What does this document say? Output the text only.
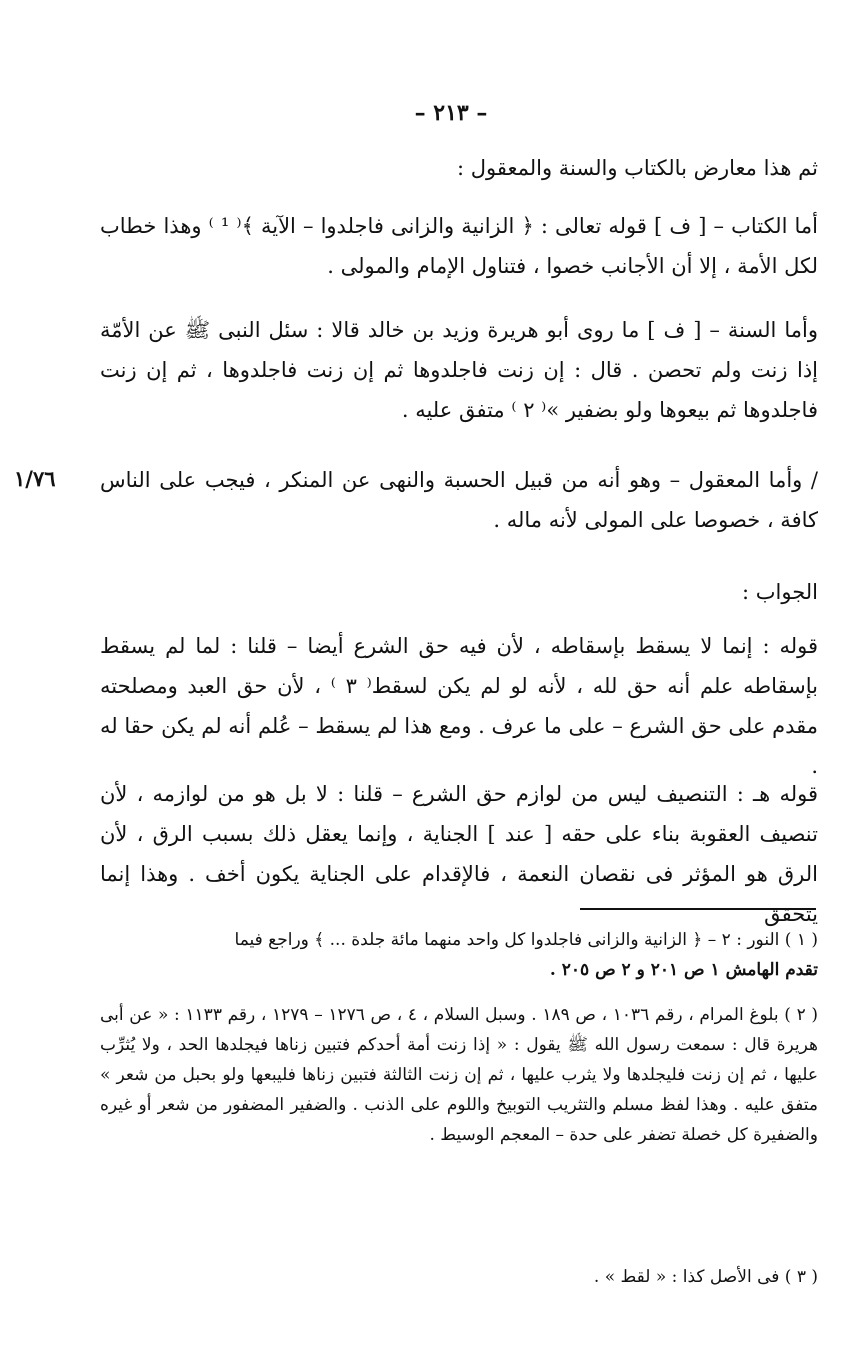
– ٢١٣ –
١/٧٦

ثم هذا معارض بالكتاب والسنة والمعقول :

أما الكتاب – [ ف ] قوله تعالى : ﴿ الزانية والزانى فاجلدوا – الآية ﴾⁽ ¹ ⁾ وهذا خطاب لكل الأمة ، إلا أن الأجانب خصوا ، فتناول الإمام والمولى .

وأما السنة – [ ف ] ما روى أبو هريرة وزيد بن خالد قالا : سئل النبى ﷺ عن الأمّة إذا زنت ولم تحصن . قال : إن زنت فاجلدوها ثم إن زنت فاجلدوها ، ثم إن زنت فاجلدوها ثم بيعوها ولو بضفير »⁽ ٢ ⁾ متفق عليه .

/ وأما المعقول – وهو أنه من قبيل الحسبة والنهى عن المنكر ، فيجب على الناس كافة ، خصوصا على المولى لأنه ماله .

الجواب :

قوله : إنما لا يسقط بإسقاطه ، لأن فيه حق الشرع أيضا – قلنا : لما لم يسقط بإسقاطه علم أنه حق لله ، لأنه لو لم يكن لسقط⁽ ٣ ⁾ ، لأن حق العبد ومصلحته مقدم على حق الشرع – على ما عرف . ومع هذا لم يسقط – عُلم أنه لم يكن حقا له .

قوله هـ : التنصيف ليس من لوازم حق الشرع – قلنا : لا بل هو من لوازمه ، لأن تنصيف العقوبة بناء على حقه [ عند ] الجناية ، وإنما يعقل ذلك بسبب الرق ، لأن الرق هو المؤثر فى نقصان النعمة ، فالإقدام على الجناية يكون أخف . وهذا إنما يتحقق

( ١ ) النور : ٢ – ﴿ الزانية والزانى فاجلدوا كل واحد منهما مائة جلدة ... ﴾ وراجع فيما

تقدم الهامش ١ ص ٢٠١ و ٢ ص ٢٠٥ .

( ٢ ) بلوغ المرام ، رقم ١٠٣٦ ، ص ١٨٩ . وسبل السلام ، ٤ ، ص ١٢٧٦ – ١٢٧٩ ، رقم ١١٣٣ : « عن أبى هريرة قال : سمعت رسول الله ﷺ يقول : « إذا زنت أمة أحدكم فتبين زناها فيجلدها الحد ، ولا يُثرِّب عليها ، ثم إن زنت فليجلدها ولا يثرب عليها ، ثم إن زنت الثالثة فتبين زناها فليبعها ولو بحبل من شعر » متفق عليه . وهذا لفظ مسلم والتثريب التوبيخ واللوم على الذنب . والضفير المضفور من شعر أو غيره والضفيرة كل خصلة تضفر على حدة – المعجم الوسيط .

( ٣ ) فى الأصل كذا : « لقط » .
